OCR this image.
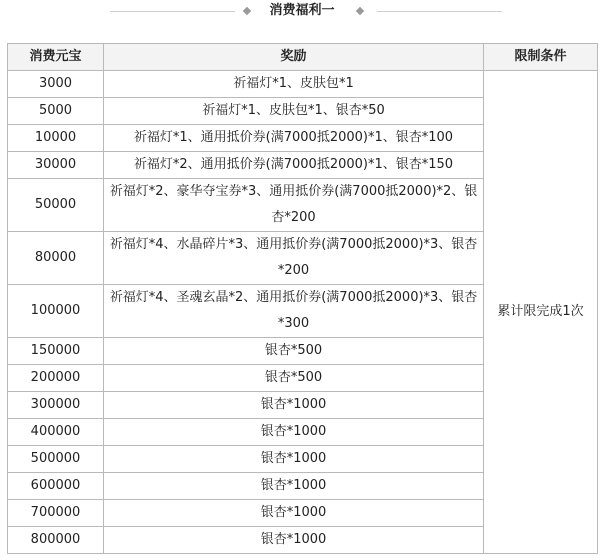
消费福利一
消费元宝	奖励	限制条件
3000	祈福灯*1、皮肤包*1	累计限完成1次
5000	祈福灯*1、皮肤包*1、银杏*50	
10000	祈福灯*1、通用抵价券(满7000抵2000)*1、银杏*100	
30000	祈福灯*2、通用抵价券(满7000抵2000)*1、银杏*150	
50000	祈福灯*2、豪华夺宝券*3、通用抵价券(满7000抵2000)*2、银杏*200	
80000	祈福灯*4、水晶碎片*3、通用抵价券(满7000抵2000)*3、银杏*200	
100000	祈福灯*4、圣魂玄晶*2、通用抵价券(满7000抵2000)*3、银杏*300	
150000	银杏*500	
200000	银杏*500	
300000	银杏*1000	
400000	银杏*1000	
500000	银杏*1000	
600000	银杏*1000	
700000	银杏*1000	
800000	银杏*1000	
